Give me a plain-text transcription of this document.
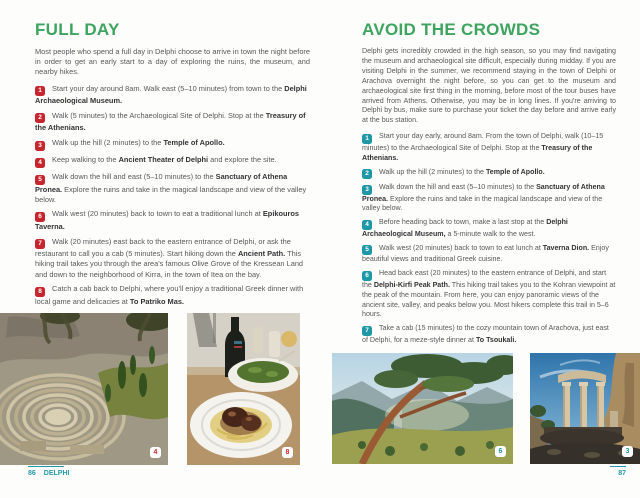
FULL DAY

Most people who spend a full day in Delphi choose to arrive in town the night before in order to get an early start to a day of exploring the ruins, the museum, and nearby hikes.

1 Start your day around 8am. Walk east (5–10 minutes) from town to the Delphi Archaeological Museum.

2 Walk (5 minutes) to the Archaeological Site of Delphi. Stop at the Treasury of the Athenians.

3 Walk up the hill (2 minutes) to the Temple of Apollo.

4 Keep walking to the Ancient Theater of Delphi and explore the site.

5 Walk down the hill and east (5–10 minutes) to the Sanctuary of Athena Pronea. Explore the ruins and take in the magical landscape and view of the valley below.

6 Walk west (20 minutes) back to town to eat a traditional lunch at Epikouros Taverna.

7 Walk (20 minutes) east back to the eastern entrance of Delphi, or ask the restaurant to call you a cab (5 minutes). Start hiking down the Ancient Path. This hiking trail takes you through the area's famous Olive Grove of the Kressean Land and down to the neighborhood of Kirra, in the town of Itea on the bay.

8 Catch a cab back to Delphi, where you'll enjoy a traditional Greek dinner with local game and delicacies at To Patriko Mas.

AVOID THE CROWDS

Delphi gets incredibly crowded in the high season, so you may find navigating the museum and archaeological site difficult, especially during midday. If you are visiting Delphi in the summer, we recommend staying in the town of Delphi or Arachova overnight the night before, so you can get to the museum and archaeological site first thing in the morning, before most of the tour buses have arrived from Athens. Otherwise, you may be in long lines. If you're arriving to Delphi by bus, make sure to purchase your ticket the day before and arrive early at the bus station.

1 Start your day early, around 8am. From the town of Delphi, walk (10–15 minutes) to the Archaeological Site of Delphi. Stop at the Treasury of the Athenians.

2 Walk up the hill (2 minutes) to the Temple of Apollo.

3 Walk down the hill and east (5–10 minutes) to the Sanctuary of Athena Pronea. Explore the ruins and take in the magical landscape and view of the valley below.

4 Before heading back to town, make a last stop at the Delphi Archaeological Museum, a 5-minute walk to the west.

5 Walk west (20 minutes) back to town to eat lunch at Taverna Dion. Enjoy beautiful views and traditional Greek cuisine.

6 Head back east (20 minutes) to the eastern entrance of Delphi, and start the Delphi-Kirfi Peak Path. This hiking trail takes you to the Kohran viewpoint at the peak of the mountain. From here, you can enjoy panoramic views of the ancient site, valley, and peaks below you. Most hikers complete this trail in 5–6 hours.

7 Take a cab (15 minutes) to the cozy mountain town of Arachova, just east of Delphi, for a meze-style dinner at To Tsoukali.

4	8	6	3
86 DELPHI	87
